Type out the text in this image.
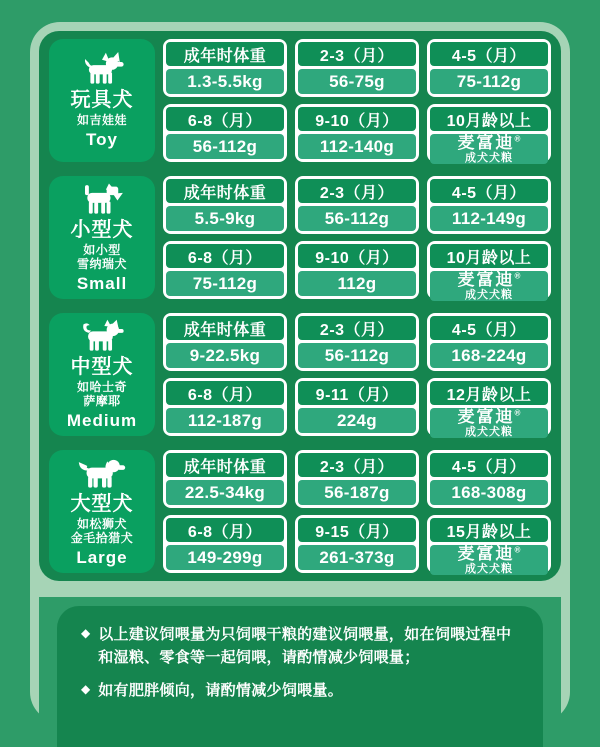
玩具犬
如吉娃娃
Toy
成年时体重
1.3-5.5kg
2-3（月）
56-75g
4-5（月）
75-112g
6-8（月）
56-112g
9-10（月）
112-140g
10月龄以上
麦富迪®
成犬犬粮
小型犬
如小型
雪纳瑞犬
Small
成年时体重
5.5-9kg
2-3（月）
56-112g
4-5（月）
112-149g
6-8（月）
75-112g
9-10（月）
112g
10月龄以上
麦富迪®
成犬犬粮
中型犬
如哈士奇
萨摩耶
Medium
成年时体重
9-22.5kg
2-3（月）
56-112g
4-5（月）
168-224g
6-8（月）
112-187g
9-11（月）
224g
12月龄以上
麦富迪®
成犬犬粮
大型犬
如松狮犬
金毛拾猎犬
Large
成年时体重
22.5-34kg
2-3（月）
56-187g
4-5（月）
168-308g
6-8（月）
149-299g
9-15（月）
261-373g
15月龄以上
麦富迪®
成犬犬粮
◆ 以上建议饲喂量为只饲喂干粮的建议饲喂量，如在饲喂过程中和湿粮、零食等一起饲喂，请酌情减少饲喂量；

◆ 如有肥胖倾向，请酌情减少饲喂量。
